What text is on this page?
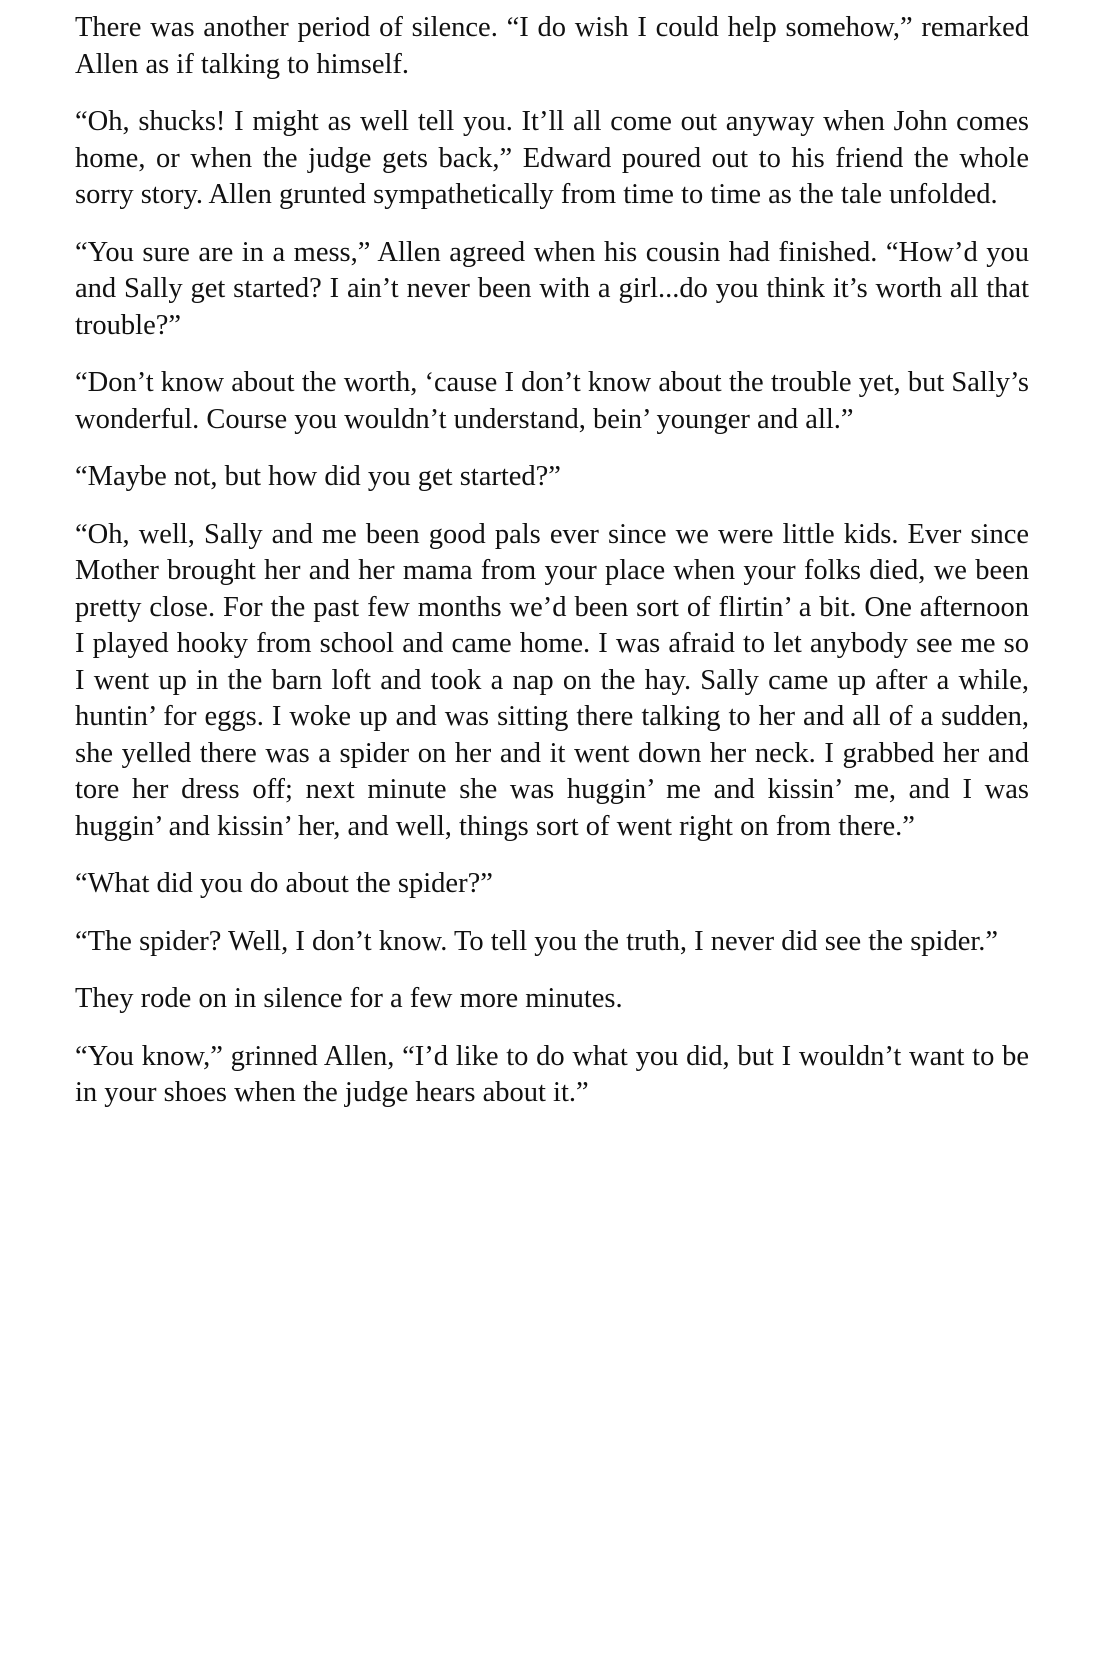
There was another period of silence. “I do wish I could help somehow,” remarked Allen as if talking to himself.

“Oh, shucks! I might as well tell you. It’ll all come out anyway when John comes home, or when the judge gets back,” Edward poured out to his friend the whole sorry story. Allen grunted sympathetically from time to time as the tale unfolded.

“You sure are in a mess,” Allen agreed when his cousin had finished. “How’d you and Sally get started? I ain’t never been with a girl...do you think it’s worth all that trouble?”

“Don’t know about the worth, ‘cause I don’t know about the trouble yet, but Sally’s wonderful. Course you wouldn’t understand, bein’ younger and all.”

“Maybe not, but how did you get started?”

“Oh, well, Sally and me been good pals ever since we were little kids. Ever since Mother brought her and her mama from your place when your folks died, we been pretty close. For the past few months we’d been sort of flirtin’ a bit. One afternoon I played hooky from school and came home. I was afraid to let anybody see me so I went up in the barn loft and took a nap on the hay. Sally came up after a while, huntin’ for eggs. I woke up and was sitting there talking to her and all of a sudden, she yelled there was a spider on her and it went down her neck. I grabbed her and tore her dress off; next minute she was huggin’ me and kissin’ me, and I was huggin’ and kissin’ her, and well, things sort of went right on from there.”

“What did you do about the spider?”

“The spider? Well, I don’t know. To tell you the truth, I never did see the spider.”

They rode on in silence for a few more minutes.

“You know,” grinned Allen, “I’d like to do what you did, but I wouldn’t want to be in your shoes when the judge hears about it.”
